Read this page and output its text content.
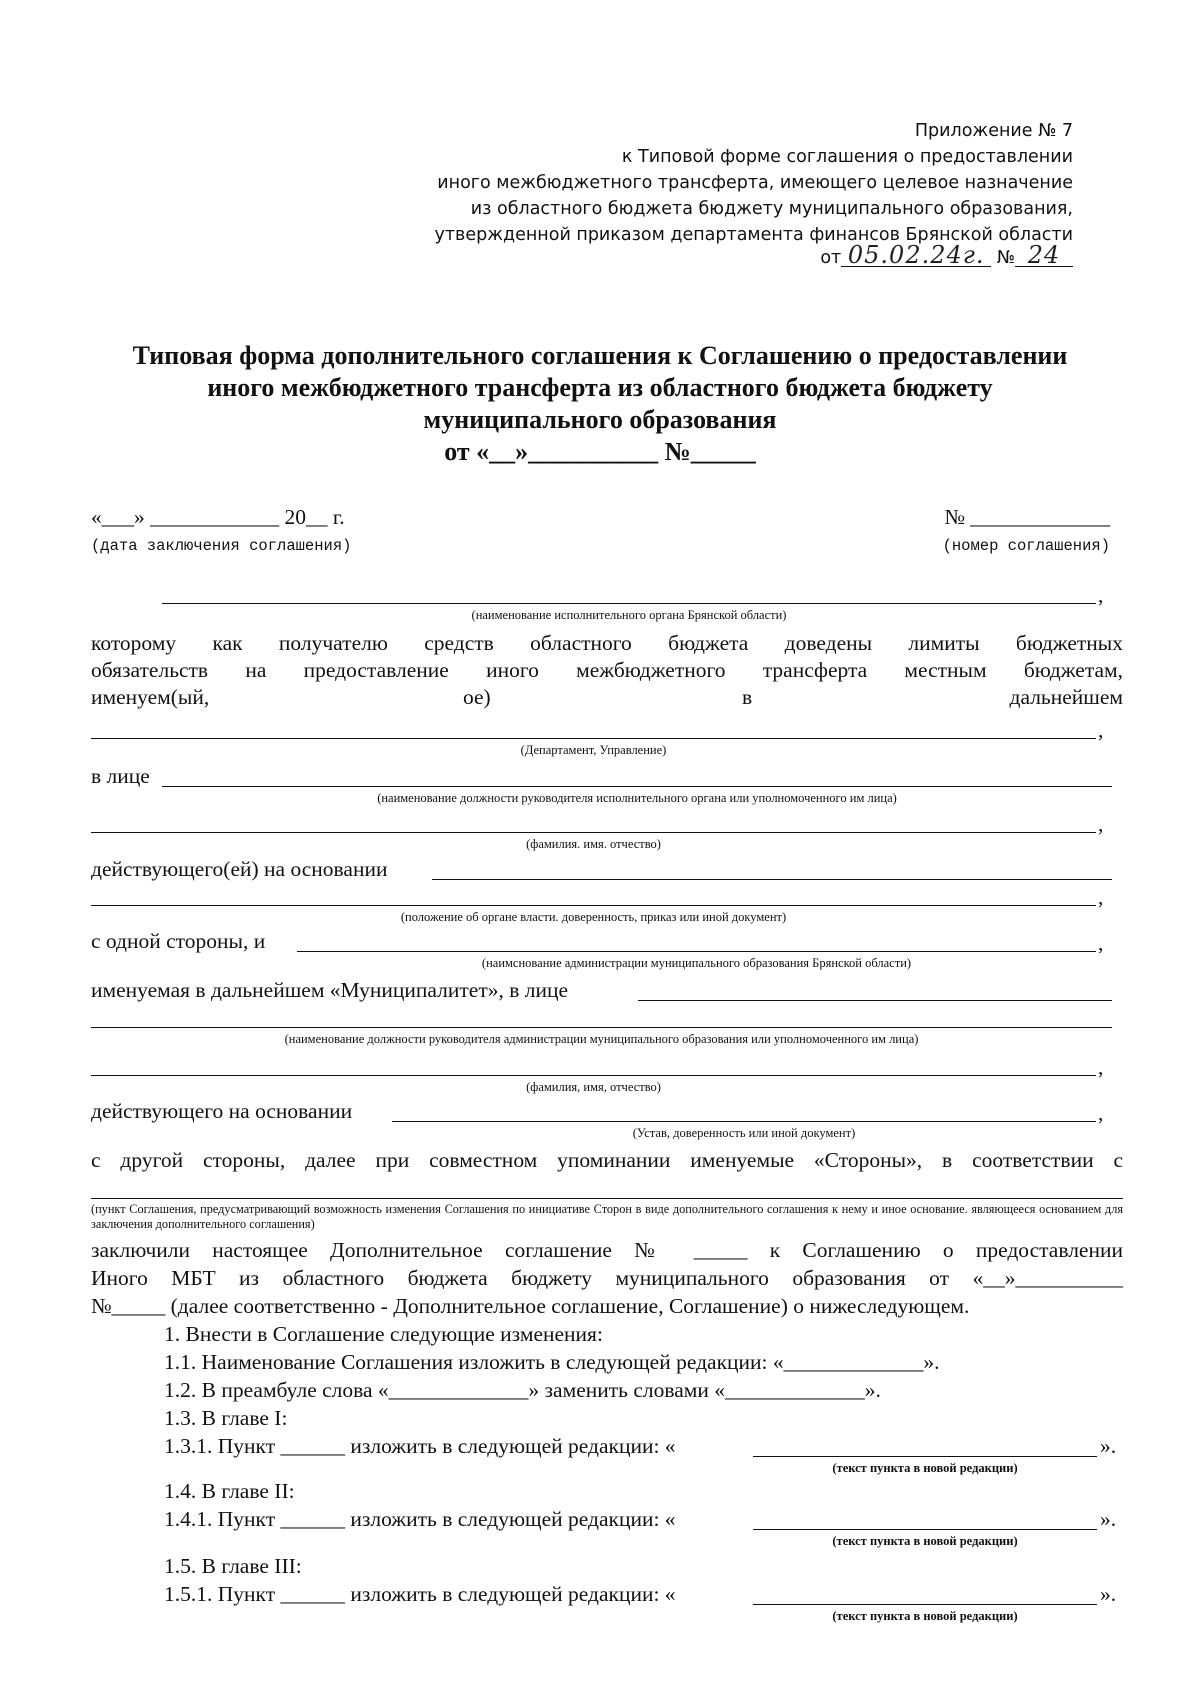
Приложение № 7
к Типовой форме соглашения о предоставлении
иного межбюджетного трансферта, имеющего целевое назначение
из областного бюджета бюджету муниципального образования,
утвержденной приказом департамента финансов Брянской области
от 05.02.24г. № 24
Типовая форма дополнительного соглашения к Соглашению о предоставлении
иного межбюджетного трансферта из областного бюджета бюджету
муниципального образования
от «__»__________ №_____
«___» ____________ 20__ г.
(дата заключения соглашения)
№ _____________
(номер соглашения)
,
(наименование исполнительного органа Брянской области)
которому как получателю средств областного бюджета доведены лимиты бюджетных
обязательств на предоставление иного межбюджетного трансферта местным бюджетам,
именуем(ый,	ое)	в	дальнейшем
,
(Департамент, Управление)
в лице
(наименование должности руководителя исполнительного органа или уполномоченного им лица)
,
(фамилия. имя. отчество)
действующего(ей) на основании
,
(положение об органе власти. доверенность, приказ или иной документ)
с одной стороны, и	,
(наимснование администрации муниципального образования Брянской области)
именуемая в дальнейшем «Муниципалитет», в лице
(наименование должности руководителя администрации муниципального образования или уполномоченного им лица)
,
(фамилия, имя, отчество)
действующего на основании	,
(Устав, доверенность или иной документ)
с другой стороны, далее при совместном упоминании именуемые «Стороны», в соответствии с
(пункт Соглашения, предусматривающий возможность изменения Соглашения по инициативе Сторон в виде дополнительного соглашения к нему и иное основание. являющееся основанием для заключения дополнительного соглашения)
заключили настоящее Дополнительное соглашение № _____ к Соглашению о предоставлении
Иного МБТ из областного бюджета бюджету муниципального образования от «__»__________
№_____ (далее соответственно - Дополнительное соглашение, Соглашение) о нижеследующем.
1. Внести в Соглашение следующие изменения:
1.1. Наименование Соглашения изложить в следующей редакции: «_____________».
1.2. В преамбуле слова «_____________» заменить словами «_____________».
1.3. В главе I:
1.3.1. Пункт ______ изложить в следующей редакции: «	».
(текст пункта в новой редакции)
1.4. В главе II:
1.4.1. Пункт ______ изложить в следующей редакции: «	».
(текст пункта в новой редакции)
1.5. В главе III:
1.5.1. Пункт ______ изложить в следующей редакции: «	».
(текст пункта в новой редакции)
